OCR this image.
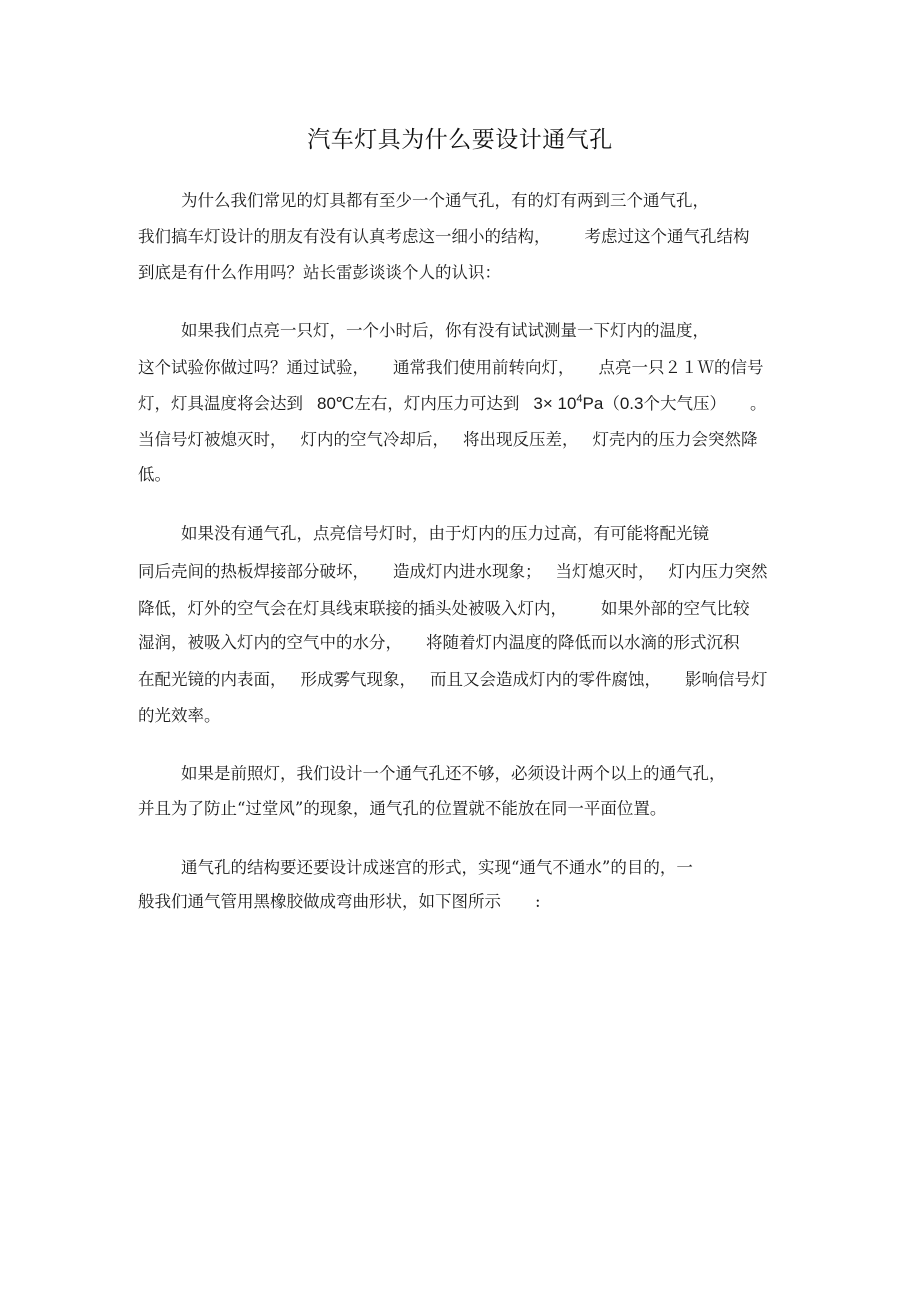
汽车灯具为什么要设计通气孔
为什么我们常见的灯具都有至少一个通气孔，有的灯有两到三个通气孔，
我们搞车灯设计的朋友有没有认真考虑这一细小的结构， 考虑过这个通气孔结构
到底是有什么作用吗？站长雷彭谈谈个人的认识：
如果我们点亮一只灯，一个小时后，你有没有试试测量一下灯内的温度，
这个试验你做过吗？通过试验， 通常我们使用前转向灯， 点亮一只２１Ｗ的信号
灯，灯具温度将会达到 80℃左右，灯内压力可达到 $3\times 10^4Pa(0.3$个大气压） 。
当信号灯被熄灭时， 灯内的空气冷却后， 将出现反压差， 灯壳内的压力会突然降
低。
如果没有通气孔，点亮信号灯时，由于灯内的压力过高，有可能将配光镜
同后壳间的热板焊接部分破坏， 造成灯内进水现象； 当灯熄灭时， 灯内压力突然
降低，灯外的空气会在灯具线束联接的插头处被吸入灯内， 如果外部的空气比较
湿润，被吸入灯内的空气中的水分， 将随着灯内温度的降低而以水滴的形式沉积
在配光镜的内表面， 形成雾气现象， 而且又会造成灯内的零件腐蚀， 影响信号灯
的光效率。
如果是前照灯，我们设计一个通气孔还不够，必须设计两个以上的通气孔，
并且为了防止“过堂风”的现象，通气孔的位置就不能放在同一平面位置。
通气孔的结构要还要设计成迷宫的形式，实现“通气不通水”的目的，一
般我们通气管用黑橡胶做成弯曲形状，如下图所示 :
